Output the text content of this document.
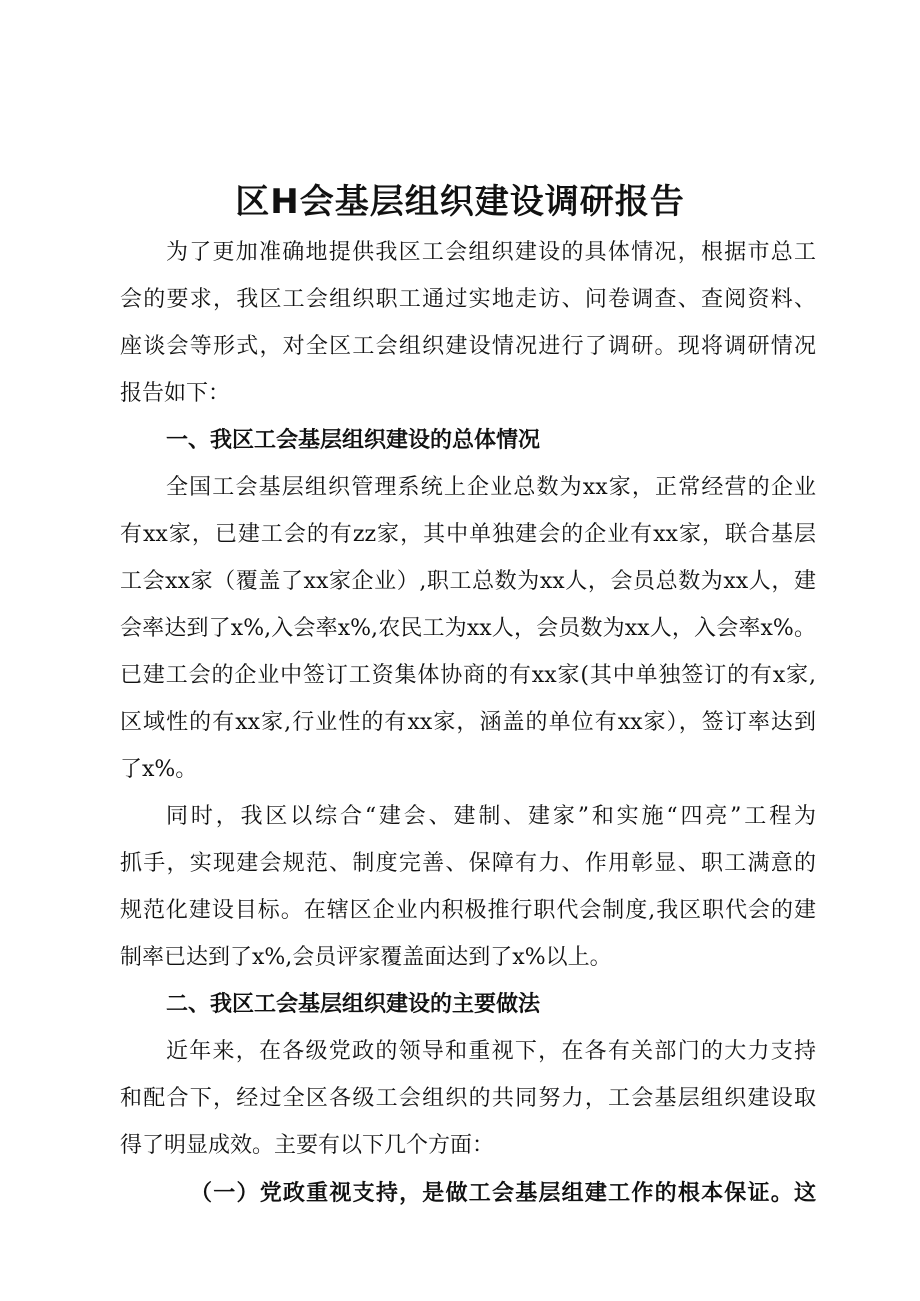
区H会基层组织建设调研报告

为了更加准确地提供我区工会组织建设的具体情况，根据市总工

会的要求，我区工会组织职工通过实地走访、问卷调查、查阅资料、

座谈会等形式，对全区工会组织建设情况进行了调研。现将调研情况

报告如下：

一、我区工会基层组织建设的总体情况

全国工会基层组织管理系统上企业总数为xx家，正常经营的企业

有xx家，已建工会的有zz家，其中单独建会的企业有xx家，联合基层

工会xx家（覆盖了xx家企业）,职工总数为xx人，会员总数为xx人，建

会率达到了x%,入会率x%,农民工为xx人，会员数为xx人，入会率x%。

已建工会的企业中签订工资集体协商的有xx家(其中单独签订的有x家,

区域性的有xx家,行业性的有xx家，涵盖的单位有xx家），签订率达到

了x%。

同时，我区以综合“建会、建制、建家”和实施“四亮”工程为

抓手，实现建会规范、制度完善、保障有力、作用彰显、职工满意的

规范化建设目标。在辖区企业内积极推行职代会制度,我区职代会的建

制率已达到了x%,会员评家覆盖面达到了x%以上。

二、我区工会基层组织建设的主要做法

近年来，在各级党政的领导和重视下，在各有关部门的大力支持

和配合下，经过全区各级工会组织的共同努力，工会基层组织建设取

得了明显成效。主要有以下几个方面：

（一）党政重视支持，是做工会基层组建工作的根本保证。这
